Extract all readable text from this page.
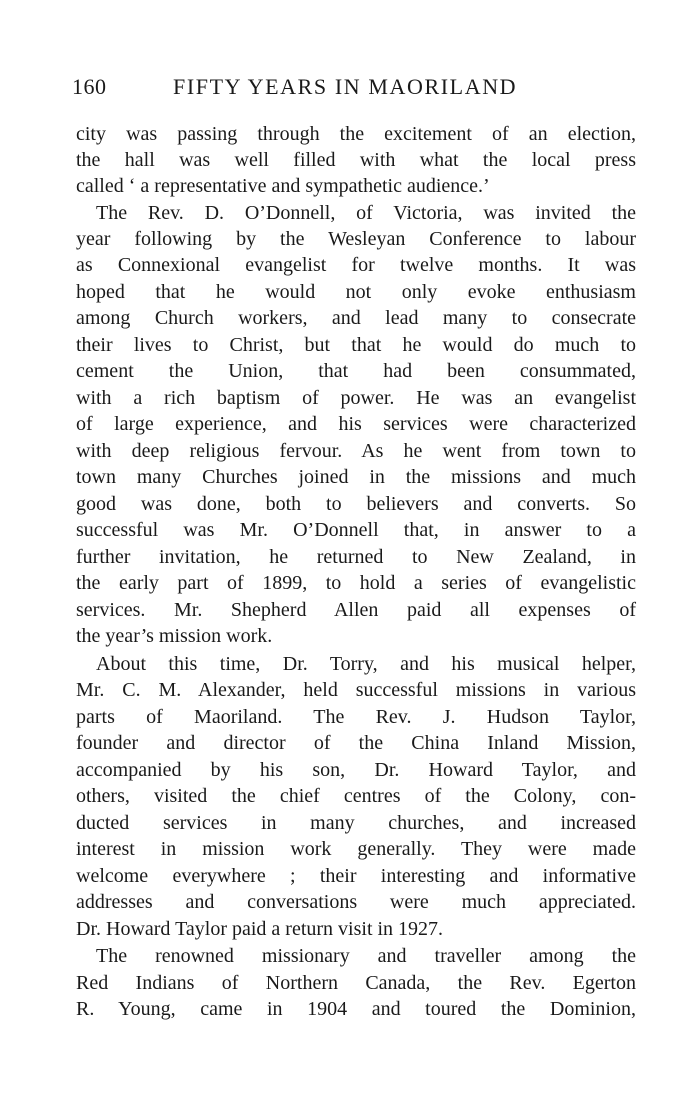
160	FIFTY YEARS IN MAORILAND
city was passing through the excitement of an election,
the hall was well filled with what the local press
called ‘ a representative and sympathetic audience.’
The Rev. D. O’Donnell, of Victoria, was invited the
year following by the Wesleyan Conference to labour
as Connexional evangelist for twelve months. It was
hoped that he would not only evoke enthusiasm
among Church workers, and lead many to consecrate
their lives to Christ, but that he would do much to
cement the Union, that had been consummated,
with a rich baptism of power. He was an evangelist
of large experience, and his services were characterized
with deep religious fervour. As he went from town to
town many Churches joined in the missions and much
good was done, both to believers and converts. So
successful was Mr. O’Donnell that, in answer to a
further invitation, he returned to New Zealand, in
the early part of 1899, to hold a series of evangelistic
services. Mr. Shepherd Allen paid all expenses of
the year’s mission work.
About this time, Dr. Torry, and his musical helper,
Mr. C. M. Alexander, held successful missions in various
parts of Maoriland. The Rev. J. Hudson Taylor,
founder and director of the China Inland Mission,
accompanied by his son, Dr. Howard Taylor, and
others, visited the chief centres of the Colony, con-
ducted services in many churches, and increased
interest in mission work generally. They were made
welcome everywhere ; their interesting and informative
addresses and conversations were much appreciated.
Dr. Howard Taylor paid a return visit in 1927.
The renowned missionary and traveller among the
Red Indians of Northern Canada, the Rev. Egerton
R. Young, came in 1904 and toured the Dominion,
